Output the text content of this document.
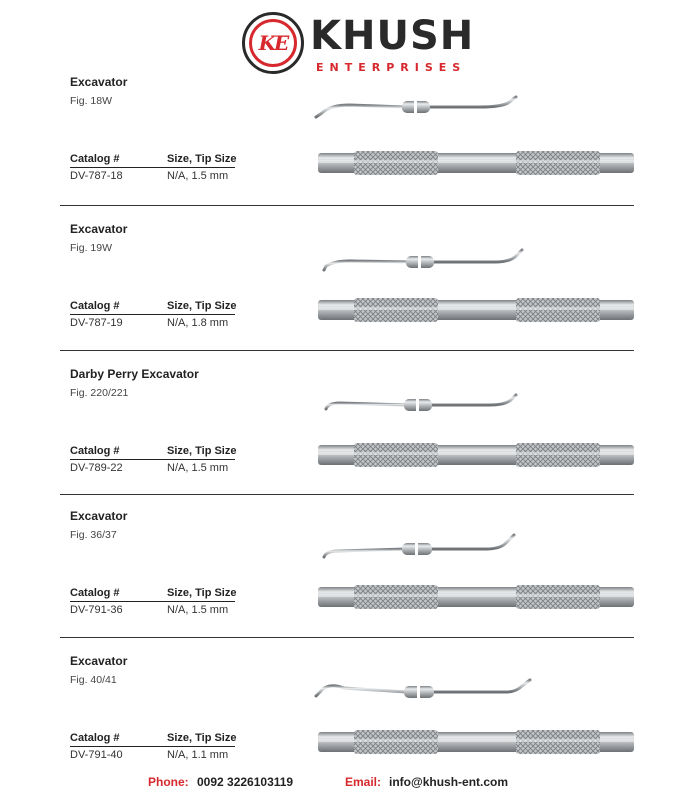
KE KHUSH
ENTERPRISES
Excavator
Fig. 18W
Catalog #	Size, Tip Size
DV-787-18	N/A, 1.5 mm
Excavator
Fig. 19W
Catalog #	Size, Tip Size
DV-787-19	N/A, 1.8 mm
Darby Perry Excavator
Fig. 220/221
Catalog #	Size, Tip Size
DV-789-22	N/A, 1.5 mm
Excavator
Fig. 36/37
Catalog #	Size, Tip Size
DV-791-36	N/A, 1.5 mm
Excavator
Fig. 40/41
Catalog #	Size, Tip Size
DV-791-40	N/A, 1.1 mm
Phone: 0092 3226103119	Email: info@khush-ent.com
